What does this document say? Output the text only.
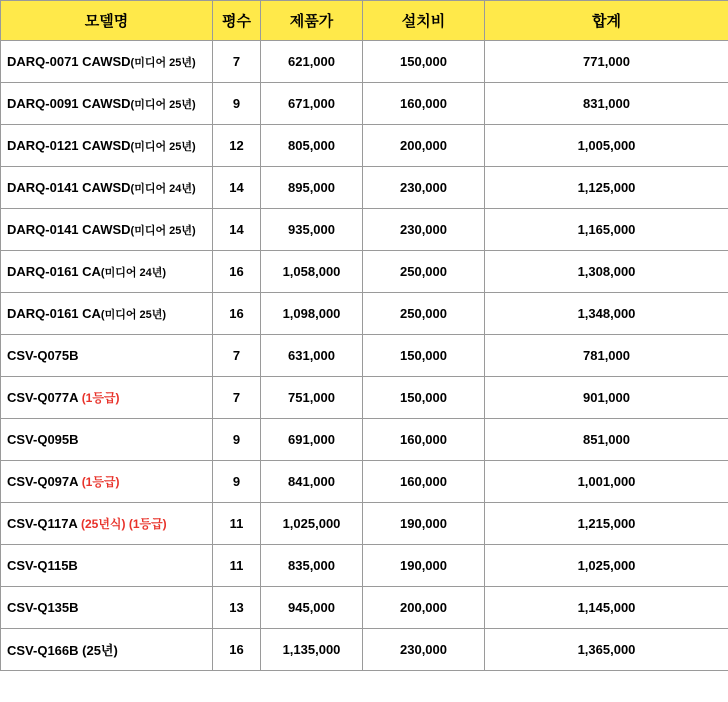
모델명	평수	제품가	설치비	합계
DARQ-0071 CAWSD(미디어 25년)	7	621,000	150,000	771,000
DARQ-0091 CAWSD(미디어 25년)	9	671,000	160,000	831,000
DARQ-0121 CAWSD(미디어 25년)	12	805,000	200,000	1,005,000
DARQ-0141 CAWSD(미디어 24년)	14	895,000	230,000	1,125,000
DARQ-0141 CAWSD(미디어 25년)	14	935,000	230,000	1,165,000
DARQ-0161 CA(미디어 24년)	16	1,058,000	250,000	1,308,000
DARQ-0161 CA(미디어 25년)	16	1,098,000	250,000	1,348,000
CSV-Q075B	7	631,000	150,000	781,000
CSV-Q077A (1등급)	7	751,000	150,000	901,000
CSV-Q095B	9	691,000	160,000	851,000
CSV-Q097A (1등급)	9	841,000	160,000	1,001,000
CSV-Q117A (25년식) (1등급)	11	1,025,000	190,000	1,215,000
CSV-Q115B	11	835,000	190,000	1,025,000
CSV-Q135B	13	945,000	200,000	1,145,000
CSV-Q166B (25년)	16	1,135,000	230,000	1,365,000
